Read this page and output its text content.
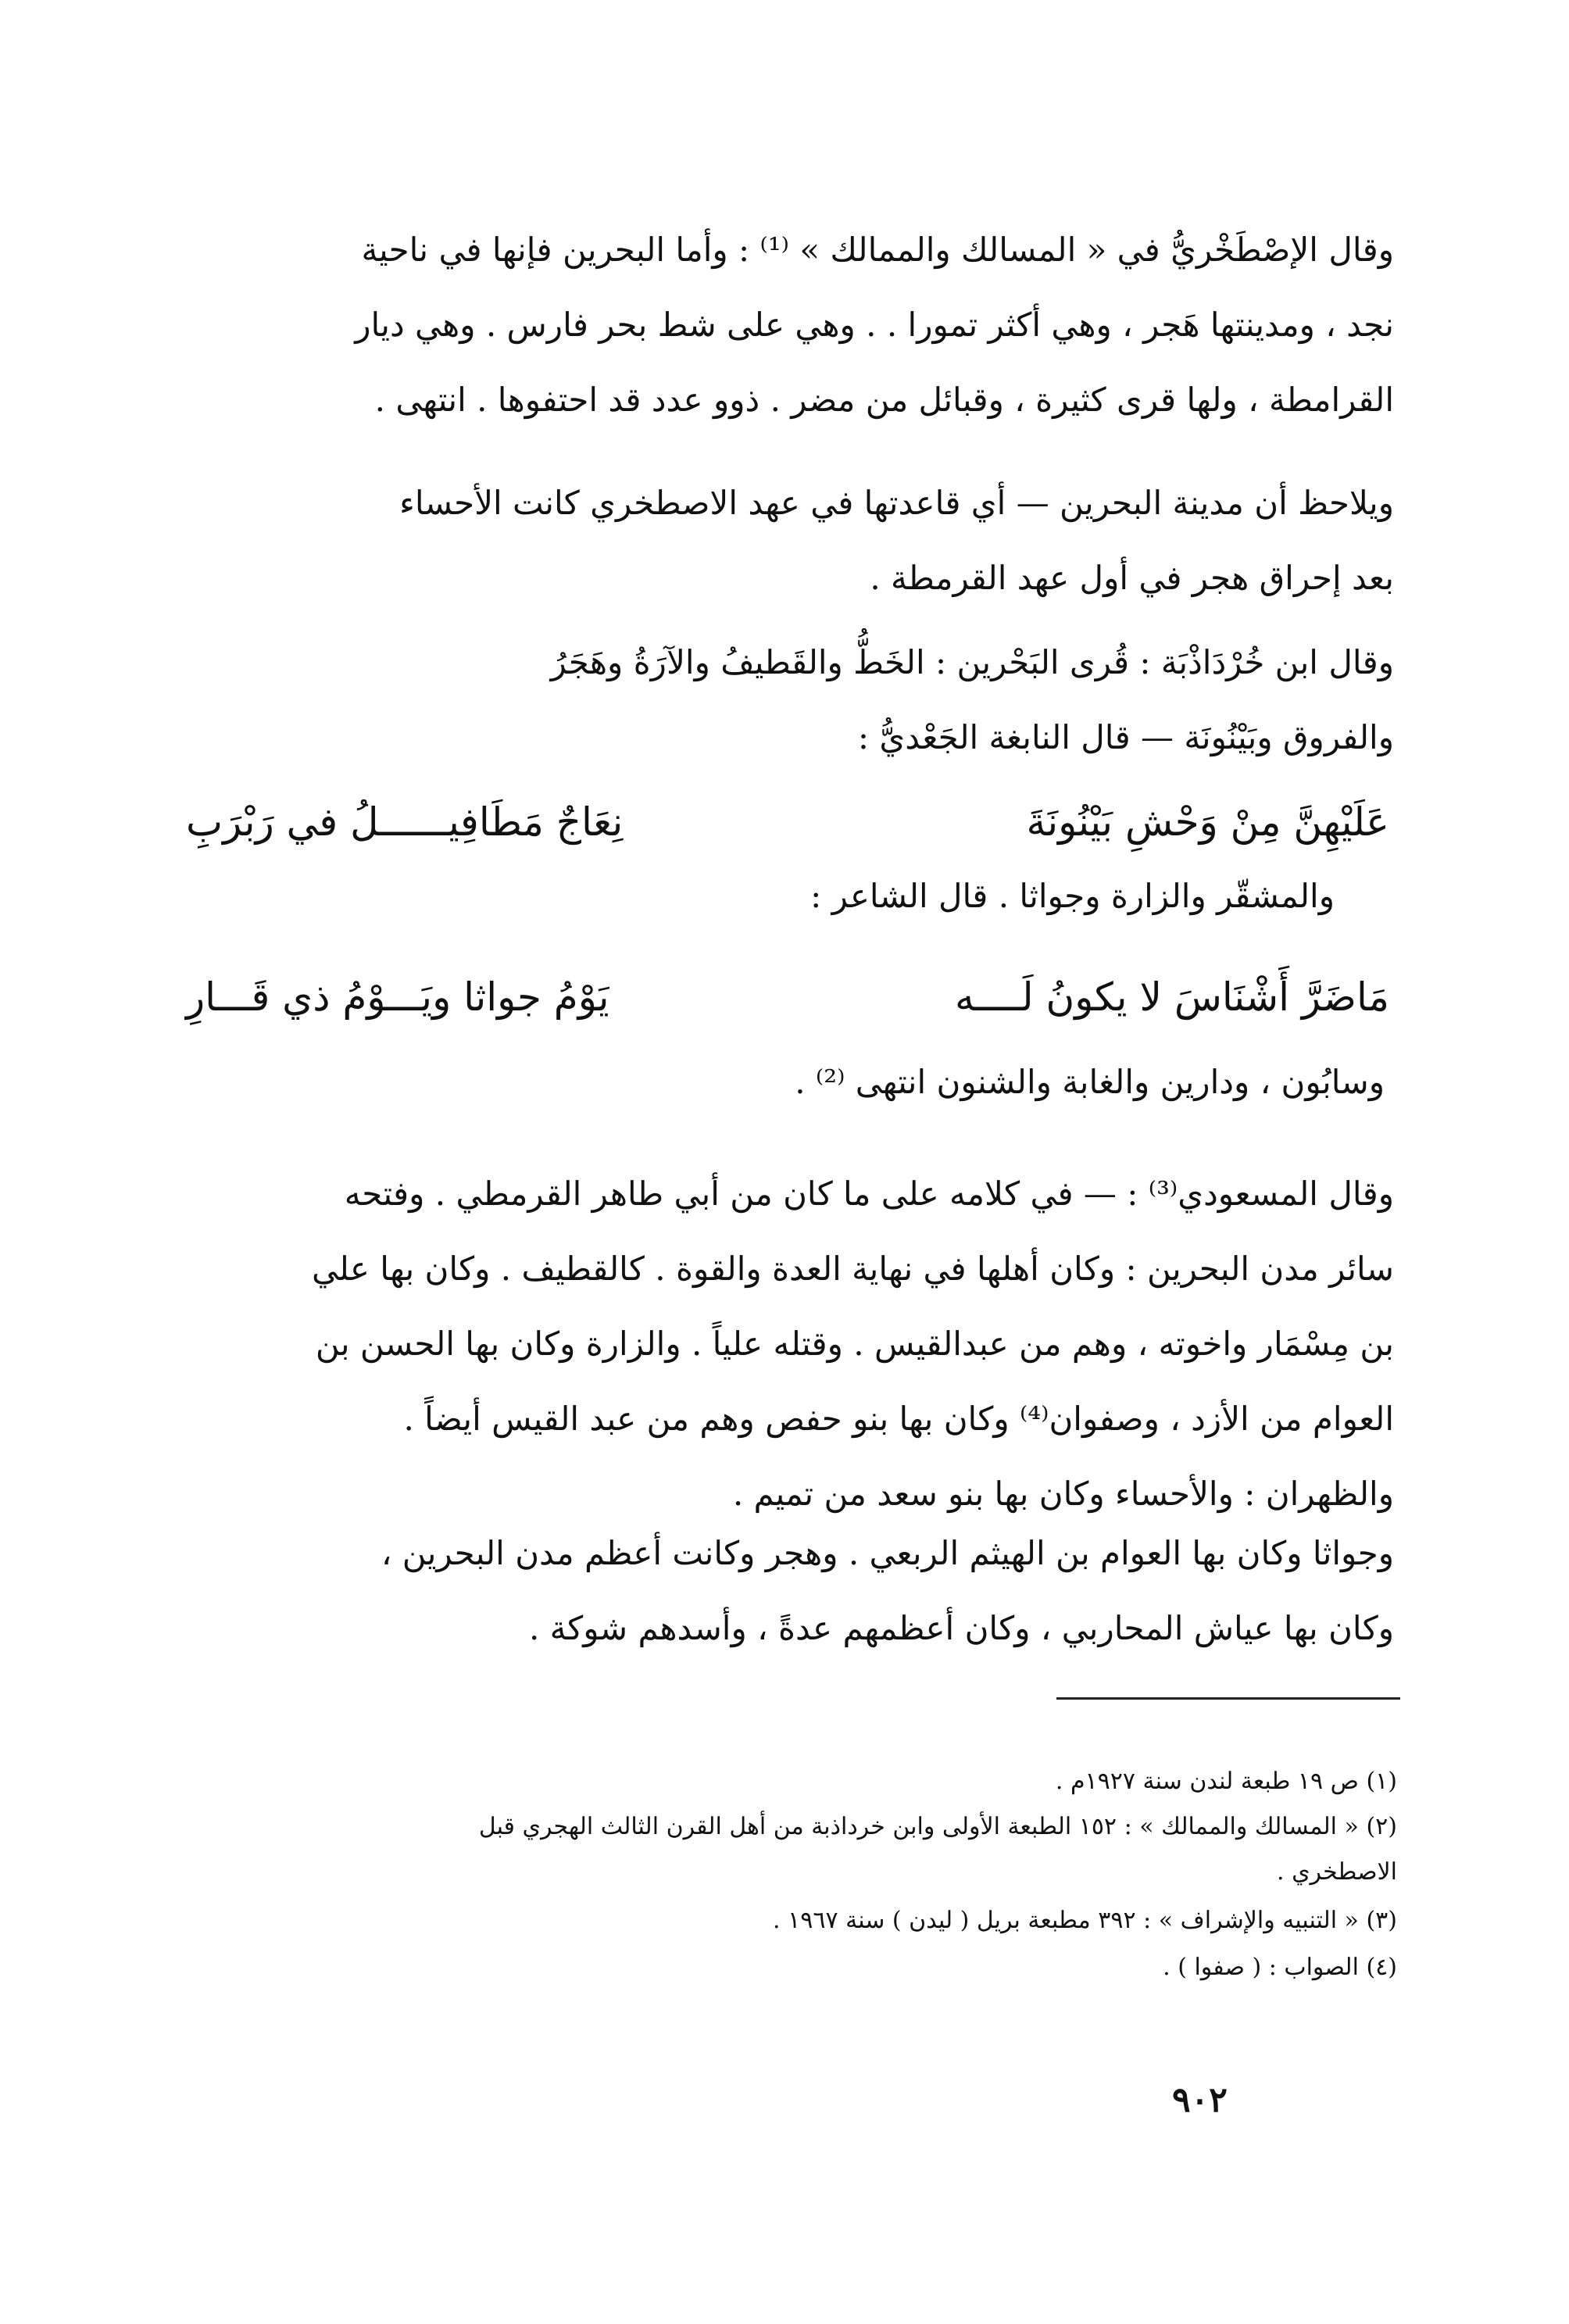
وقال الإصْطَخْريُّ في « المسالك والممالك » ⁽¹⁾ : وأما البحرين فإنها في ناحية

نجد ، ومدينتها هَجر ، وهي أكثر تمورا . . وهي على شط بحر فارس . وهي ديار

القرامطة ، ولها قرى كثيرة ، وقبائل من مضر . ذوو عدد قد احتفوها . انتهى .

ويلاحظ أن مدينة البحرين — أي قاعدتها في عهد الاصطخري كانت الأحساء

بعد إحراق هجر في أول عهد القرمطة .

وقال ابن خُرْدَاذْبَة : قُرى البَحْرين : الخَطُّ والقَطيفُ والآرَةُ وهَجَرُ

والفروق وبَيْنُونَة — قال النابغة الجَعْديُّ :

عَلَيْهِنَّ مِنْ وَحْشِ بَيْنُونَةَ
نِعَاجٌ مَطَافِيــــــلُ في رَبْرَبِ
والمشقّر والزارة وجواثا . قال الشاعر :
مَاضَرَّ أَشْنَاسَ لا يكونُ لَــــه
يَوْمُ جواثا ويَـــوْمُ ذي قَـــارِ
وسابُون ، ودارين والغابة والشنون انتهى ⁽²⁾ .

وقال المسعودي⁽³⁾ : — في كلامه على ما كان من أبي طاهر القرمطي . وفتحه

سائر مدن البحرين : وكان أهلها في نهاية العدة والقوة . كالقطيف . وكان بها علي

بن مِسْمَار واخوته ، وهم من عبدالقيس . وقتله علياً . والزارة وكان بها الحسن بن

العوام من الأزد ، وصفوان⁽⁴⁾ وكان بها بنو حفص وهم من عبد القيس أيضاً .

والظهران : والأحساء وكان بها بنو سعد من تميم .

وجواثا وكان بها العوام بن الهيثم الربعي . وهجر وكانت أعظم مدن البحرين ،

وكان بها عياش المحاربي ، وكان أعظمهم عدةً ، وأسدهم شوكة .

(١) ص ١٩ طبعة لندن سنة ١٩٢٧م .
(٢) « المسالك والممالك » : ١٥٢ الطبعة الأولى وابن خرداذبة من أهل القرن الثالث الهجري قبل
الاصطخري .
(٣) « التنبيه والإشراف » : ٣٩٢ مطبعة بريل ( ليدن ) سنة ١٩٦٧ .
(٤) الصواب : ( صفوا ) .
٩٠٢
